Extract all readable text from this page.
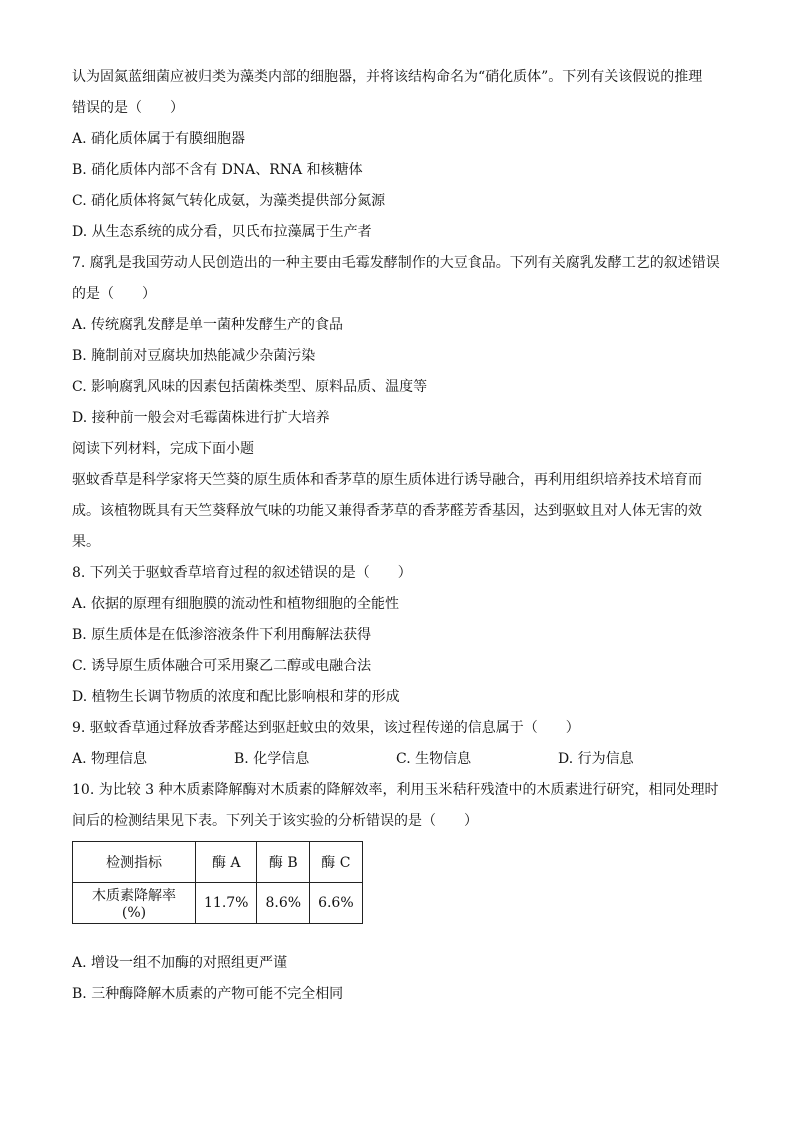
认为固氮蓝细菌应被归类为藻类内部的细胞器，并将该结构命名为“硝化质体”。下列有关该假说的推理
错误的是（　　）
A. 硝化质体属于有膜细胞器
B. 硝化质体内部不含有 DNA、RNA 和核糖体
C. 硝化质体将氮气转化成氨，为藻类提供部分氮源
D. 从生态系统的成分看，贝氏布拉藻属于生产者
7. 腐乳是我国劳动人民创造出的一种主要由毛霉发酵制作的大豆食品。下列有关腐乳发酵工艺的叙述错误
的是（　　）
A. 传统腐乳发酵是单一菌种发酵生产的食品
B. 腌制前对豆腐块加热能减少杂菌污染
C. 影响腐乳风味的因素包括菌株类型、原料品质、温度等
D. 接种前一般会对毛霉菌株进行扩大培养
阅读下列材料，完成下面小题
驱蚊香草是科学家将天竺葵的原生质体和香茅草的原生质体进行诱导融合，再利用组织培养技术培育而
成。该植物既具有天竺葵释放气味的功能又兼得香茅草的香茅醛芳香基因，达到驱蚊且对人体无害的效
果。
8. 下列关于驱蚊香草培育过程的叙述错误的是（　　）
A. 依据的原理有细胞膜的流动性和植物细胞的全能性
B. 原生质体是在低渗溶液条件下利用酶解法获得
C. 诱导原生质体融合可采用聚乙二醇或电融合法
D. 植物生长调节物质的浓度和配比影响根和芽的形成
9. 驱蚊香草通过释放香茅醛达到驱赶蚊虫的效果，该过程传递的信息属于（　　）
A. 物理信息	B. 化学信息	C. 生物信息	D. 行为信息
10. 为比较 3 种木质素降解酶对木质素的降解效率，利用玉米秸秆残渣中的木质素进行研究，相同处理时
间后的检测结果见下表。下列关于该实验的分析错误的是（　　）
检测指标	酶 A	酶 B	酶 C
木质素降解率(%)	11.7%	8.6%	6.6%
A. 增设一组不加酶的对照组更严谨
B. 三种酶降解木质素的产物可能不完全相同
